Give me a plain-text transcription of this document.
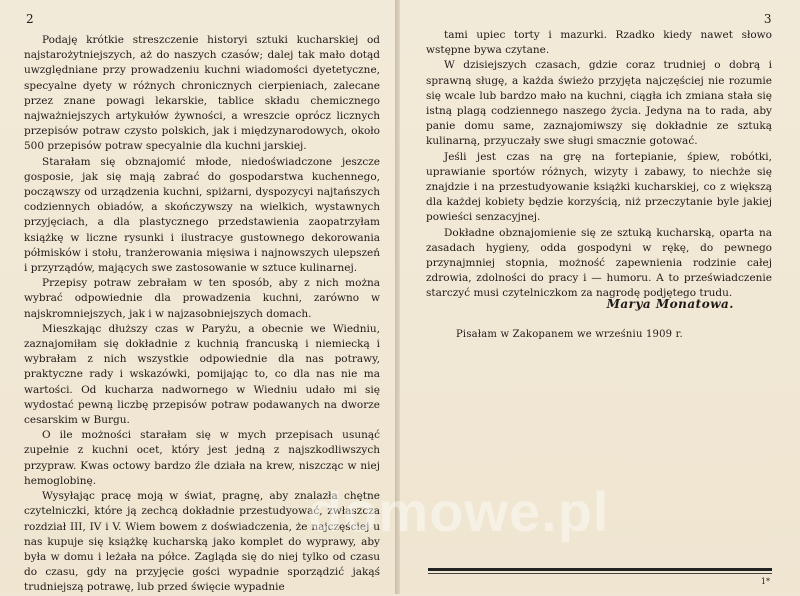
2

Podaję krótkie streszczenie historyi sztuki kucharskiej od najstarożytniejszych, aż do naszych czasów; dalej tak mało dotąd uwzględniane przy prowadzeniu kuchni wiadomości dyetetyczne, specyalne dyety w różnych chronicznych cierpieniach, zalecane przez znane powagi lekarskie, tablice składu chemicznego najważniejszych artykułów żywności, a wreszcie oprócz licznych przepisów potraw czysto polskich, jak i międzynarodowych, około 500 przepisów potraw specyalnie dla kuchni jarskiej.

Starałam się obznajomić młode, niedoświadczone jeszcze gosposie, jak się mają zabrać do gospodarstwa kuchennego, począwszy od urządzenia kuchni, spiżarni, dyspozycyi najtańszych codziennych obiadów, a skończywszy na wielkich, wystawnych przyjęciach, a dla plastycznego przedstawienia zaopatrzyłam książkę w liczne rysunki i ilustracye gustownego dekorowania półmisków i stołu, tranżerowania mięsiwa i najnowszych ulepszeń i przyrządów, mających swe zastosowanie w sztuce kulinarnej.

Przepisy potraw zebrałam w ten sposób, aby z nich można wybrać odpowiednie dla prowadzenia kuchni, zarówno w najskromniejszych, jak i w najzasobniejszych domach.

Mieszkając dłuższy czas w Paryżu, a obecnie we Wiedniu, zaznajomiłam się dokładnie z kuchnią francuską i niemiecką i wybrałam z nich wszystkie odpowiednie dla nas potrawy, praktyczne rady i wskazówki, pomijając to, co dla nas nie ma wartości. Od kucharza nadwornego w Wiedniu udało mi się wydostać pewną liczbę przepisów potraw podawanych na dworze cesarskim w Burgu.

O ile możności starałam się w mych przepisach usunąć zupełnie z kuchni ocet, który jest jedną z najszkodliwszych przypraw. Kwas octowy bardzo źle działa na krew, niszcząc w niej hemoglobinę.

Wysyłając pracę moją w świat, pragnę, aby znalazła chętne czytelniczki, które ją zechcą dokładnie przestudyować, zwłaszcza rozdział III, IV i V. Wiem bowem z doświadczenia, że najczęściej u nas kupuje się książkę kucharską jako komplet do wyprawy, aby była w domu i leżała na półce. Zagląda się do niej tylko od czasu do czasu, gdy na przyjęcie gości wypadnie sporządzić jakąś trudniejszą potrawę, lub przed święcie wypadnie

3

tami upiec torty i mazurki. Rzadko kiedy nawet słowo wstępne bywa czytane.

W dzisiejszych czasach, gdzie coraz trudniej o dobrą i sprawną sługę, a każda świeżo przyjęta najczęściej nie rozumie się wcale lub bardzo mało na kuchni, ciągła ich zmiana stała się istną plagą codziennego naszego życia. Jedyna na to rada, aby panie domu same, zaznajomiwszy się dokładnie ze sztuką kulinarną, przyuczały swe sługi smacznie gotować.

Jeśli jest czas na grę na fortepianie, śpiew, robótki, uprawianie sportów różnych, wizyty i zabawy, to niechże się znajdzie i na przestudyowanie książki kucharskiej, co z większą dla każdej kobiety będzie korzyścią, niż przeczytanie byle jakiej powieści senzacyjnej.

Dokładne obznajomienie się ze sztuką kucharską, oparta na zasadach hygieny, odda gospodyni w rękę, do pewnego przynajmniej stopnia, możność zapewnienia rodzinie całej zdrowia, zdolności do pracy i — humoru. A to przeświadczenie starczyć musi czytelniczkom za nagrodę podjętego trudu.

Marya Monatowa.
Pisałam w Zakopanem we wrześniu 1909 r.
1*
domowe.pl
